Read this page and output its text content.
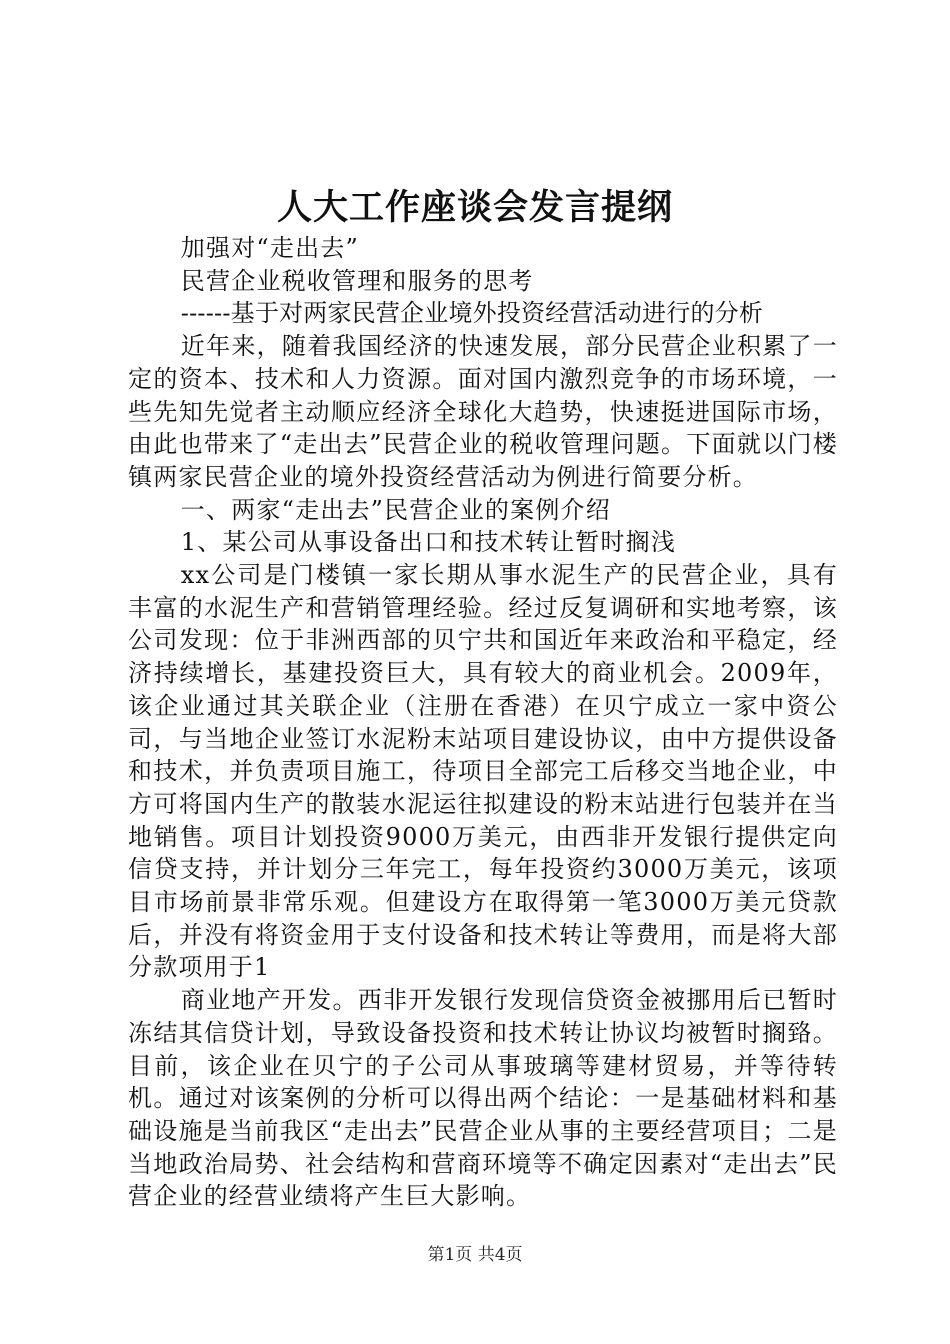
人大工作座谈会发言提纲

加强对“走出去”

民营企业税收管理和服务的思考

------基于对两家民营企业境外投资经营活动进行的分析

近年来，随着我国经济的快速发展，部分民营企业积累了一定的资本、技术和人力资源。面对国内激烈竞争的市场环境，一些先知先觉者主动顺应经济全球化大趋势，快速挺进国际市场，由此也带来了“走出去”民营企业的税收管理问题。下面就以门楼镇两家民营企业的境外投资经营活动为例进行简要分析。

一、两家“走出去”民营企业的案例介绍

1、某公司从事设备出口和技术转让暂时搁浅

xx公司是门楼镇一家长期从事水泥生产的民营企业，具有丰富的水泥生产和营销管理经验。经过反复调研和实地考察，该公司发现：位于非洲西部的贝宁共和国近年来政治和平稳定，经济持续增长，基建投资巨大，具有较大的商业机会。2009年，该企业通过其关联企业（注册在香港）在贝宁成立一家中资公司，与当地企业签订水泥粉末站项目建设协议，由中方提供设备和技术，并负责项目施工，待项目全部完工后移交当地企业，中方可将国内生产的散装水泥运往拟建设的粉末站进行包装并在当地销售。项目计划投资9000万美元，由西非开发银行提供定向信贷支持，并计划分三年完工，每年投资约3000万美元，该项目市场前景非常乐观。但建设方在取得第一笔3000万美元贷款后，并没有将资金用于支付设备和技术转让等费用，而是将大部分款项用于1

商业地产开发。西非开发银行发现信贷资金被挪用后已暂时冻结其信贷计划，导致设备投资和技术转让协议均被暂时搁臵。目前，该企业在贝宁的子公司从事玻璃等建材贸易，并等待转机。通过对该案例的分析可以得出两个结论：一是基础材料和基础设施是当前我区“走出去”民营企业从事的主要经营项目；二是当地政治局势、社会结构和营商环境等不确定因素对“走出去”民营企业的经营业绩将产生巨大影响。

第1页 共4页
